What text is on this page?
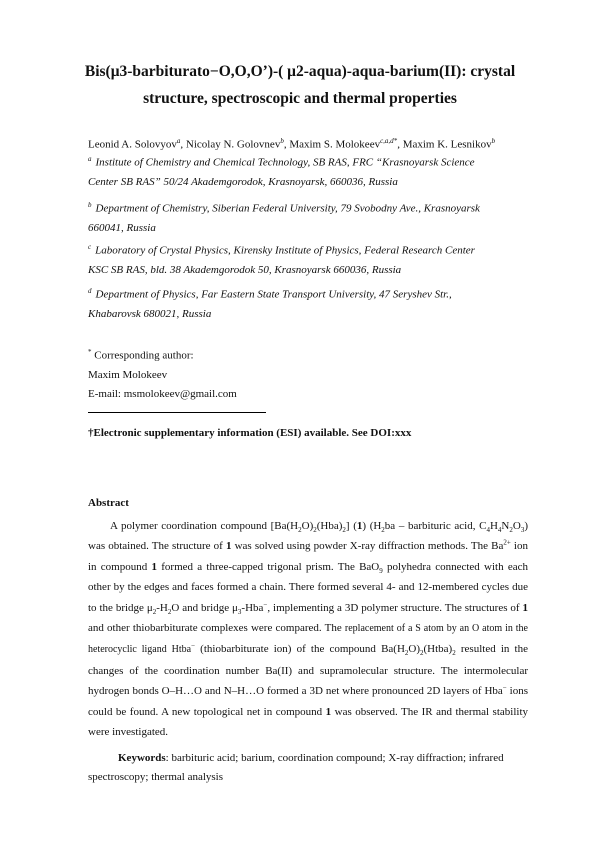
Bis(μ3-barbiturato−O,O,O’)-( μ2-aqua)-aqua-barium(II): crystal
structure, spectroscopic and thermal properties
Leonid A. Solovyov$^a$, Nicolay N. Golovnev$^b$, Maxim S. Molokeev$^{c,a,d*}$, Maxim K. Lesnikov$^b$
$^a$ Institute of Chemistry and Chemical Technology, SB RAS, FRC “Krasnoyarsk Science
Center SB RAS” 50/24 Akademgorodok, Krasnoyarsk, 660036, Russia
$^b$ Department of Chemistry, Siberian Federal University, 79 Svobodny Ave., Krasnoyarsk
660041, Russia
$^c$ Laboratory of Crystal Physics, Kirensky Institute of Physics, Federal Research Center
KSC SB RAS, bld. 38 Akademgorodok 50, Krasnoyarsk 660036, Russia
$^d$ Department of Physics, Far Eastern State Transport University, 47 Seryshev Str.,
Khabarovsk 680021, Russia
* Corresponding author:
Maxim Molokeev
E-mail: msmolokeev@gmail.com
†Electronic supplementary information (ESI) available. See DOI:xxx
Abstract
A polymer coordination compound $[Ba(H_2O)_2(Hba)_2]$ (1) ($H_2ba$ – barbituric acid, $C_4H_4N_2O_3$) was obtained. The structure of 1 was solved using powder X-ray diffraction methods. The $Ba^{2+}$ ion in compound 1 formed a three-capped trigonal prism. The BaO$_9$ polyhedra connected with each other by the edges and faces formed a chain. There formed several 4- and 12-membered cycles due to the bridge $\mu_2-H_2O$ and bridge $\mu_3-Hba^-$, implementing a 3D polymer structure. The structures of 1 and other thiobarbiturate complexes were compared. The replacement of a S atom by an O atom in the heterocyclic ligand Htba− (thiobarbiturate ion) of the compound $Ba(H_2O)_2(Htba)_2$ resulted in the changes of the coordination number Ba(II) and supramolecular structure. The intermolecular hydrogen bonds O–H…O and N–H…O formed a 3D net where pronounced 2D layers of Hba− ions could be found. A new topological net in compound 1 was observed. The IR and thermal stability were investigated.
Keywords: barbituric acid; barium, coordination compound; X-ray diffraction; infrared spectroscopy; thermal analysis
